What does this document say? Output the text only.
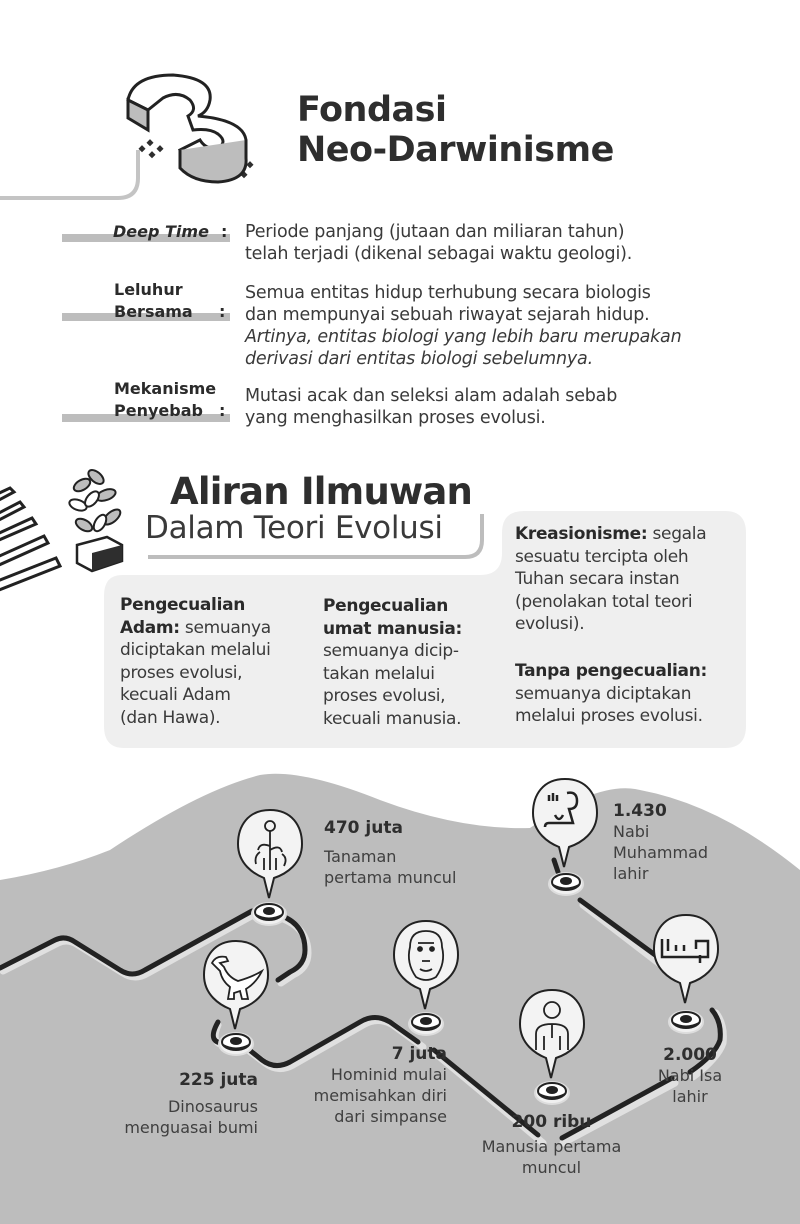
Fondasi
Neo-Darwinisme
Deep Time : Periode panjang (jutaan dan miliaran tahun)
telah terjadi (dikenal sebagai waktu geologi).
Leluhur
Bersama :
Semua entitas hidup terhubung secara biologis
dan mempunyai sebuah riwayat sejarah hidup.
Artinya, entitas biologi yang lebih baru merupakan
derivasi dari entitas biologi sebelumnya.
Mekanisme
Penyebab	:
Mutasi acak dan seleksi alam adalah sebab
yang menghasilkan proses evolusi.
Aliran Ilmuwan
Dalam Teori Evolusi
Pengecualian
Adam: semuanya
diciptakan melalui
proses evolusi,
kecuali Adam
(dan Hawa).
Pengecualian
umat manusia:
semuanya dicip-
takan melalui
proses evolusi,
kecuali manusia.
Kreasionisme: segala
sesuatu tercipta oleh
Tuhan secara instan
(penolakan total teori
evolusi).
Tanpa pengecualian:
semuanya diciptakan
melalui proses evolusi.
470 juta
Tanaman
pertama muncul
225 juta
Dinosaurus
menguasai bumi
7 juta
Hominid mulai
memisahkan diri
dari simpanse	200 ribu
Manusia pertama
muncul
2.000
Nabi Isa
lahir
1.430
Nabi
Muhammad
lahir
